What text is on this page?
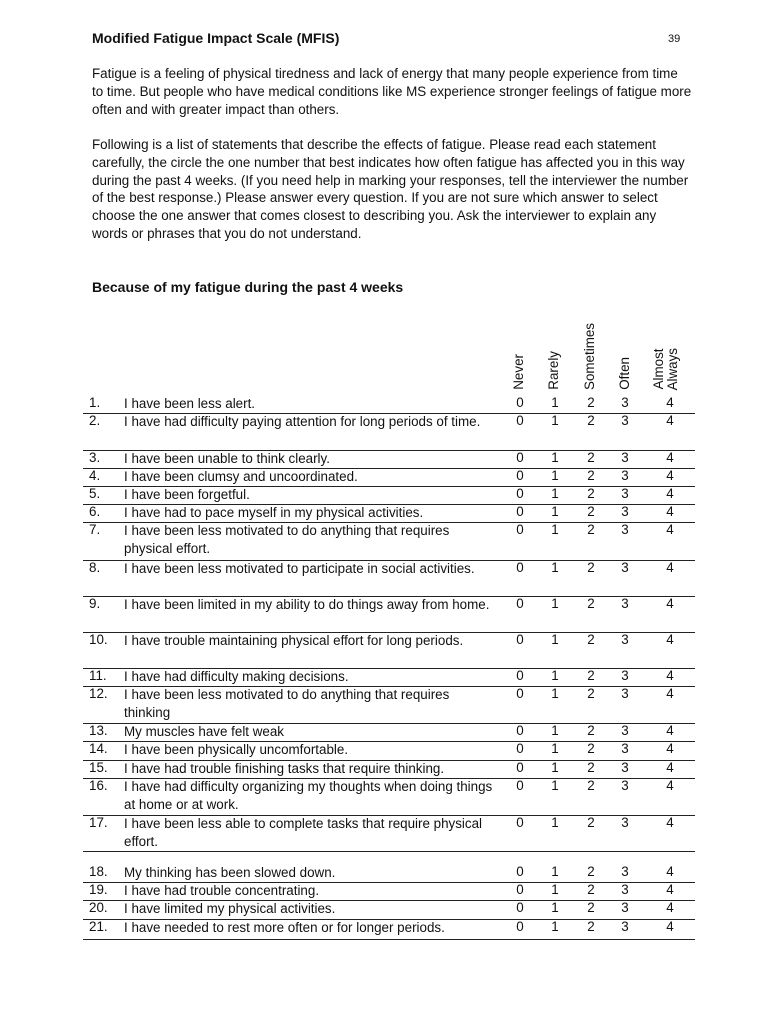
Modified Fatigue Impact Scale (MFIS)	39

Fatigue is a feeling of physical tiredness and lack of energy that many people experience from time to time. But people who have medical conditions like MS experience stronger feelings of fatigue more often and with greater impact than others.

Following is a list of statements that describe the effects of fatigue. Please read each statement carefully, the circle the one number that best indicates how often fatigue has affected you in this way during the past 4 weeks. (If you need help in marking your responses, tell the interviewer the number of the best response.) Please answer every question. If you are not sure which answer to select choose the one answer that comes closest to describing you. Ask the interviewer to explain any words or phrases that you do not understand.

Because of my fatigue during the past 4 weeks
Never Rarely Sometimes Often Almost
Always
1.	I have been less alert.	0	1	2	3	4
2.	I have had difficulty paying attention for long periods of time.	0	1	2	3	4
3.	I have been unable to think clearly.	0	1	2	3	4
4.	I have been clumsy and uncoordinated.	0	1	2	3	4
5.	I have been forgetful.	0	1	2	3	4
6.	I have had to pace myself in my physical activities.	0	1	2	3	4
7.	I have been less motivated to do anything that requires physical effort.
0	1	2	3	4
8.	I have been less motivated to participate in social activities.	0	1	2	3	4
9.	I have been limited in my ability to do things away from home.	0	1	2	3	4
10.	I have trouble maintaining physical effort for long periods.	0	1	2	3	4
11.	I have had difficulty making decisions.	0	1	2	3	4
12.	I have been less motivated to do anything that requires thinking
0	1	2	3	4
13.	My muscles have felt weak	0	1	2	3	4
14.	I have been physically uncomfortable.	0	1	2	3	4
15.	I have had trouble finishing tasks that require thinking.	0	1	2	3	4
16.	I have had difficulty organizing my thoughts when doing things at home or at work.
0	1	2	3	4
17.	I have been less able to complete tasks that require physical effort.
0	1	2	3	4
18.	My thinking has been slowed down.	0	1	2	3	4
19.	I have had trouble concentrating.	0	1	2	3	4
20.	I have limited my physical activities.	0	1	2	3	4
21.	I have needed to rest more often or for longer periods.	0	1	2	3	4
